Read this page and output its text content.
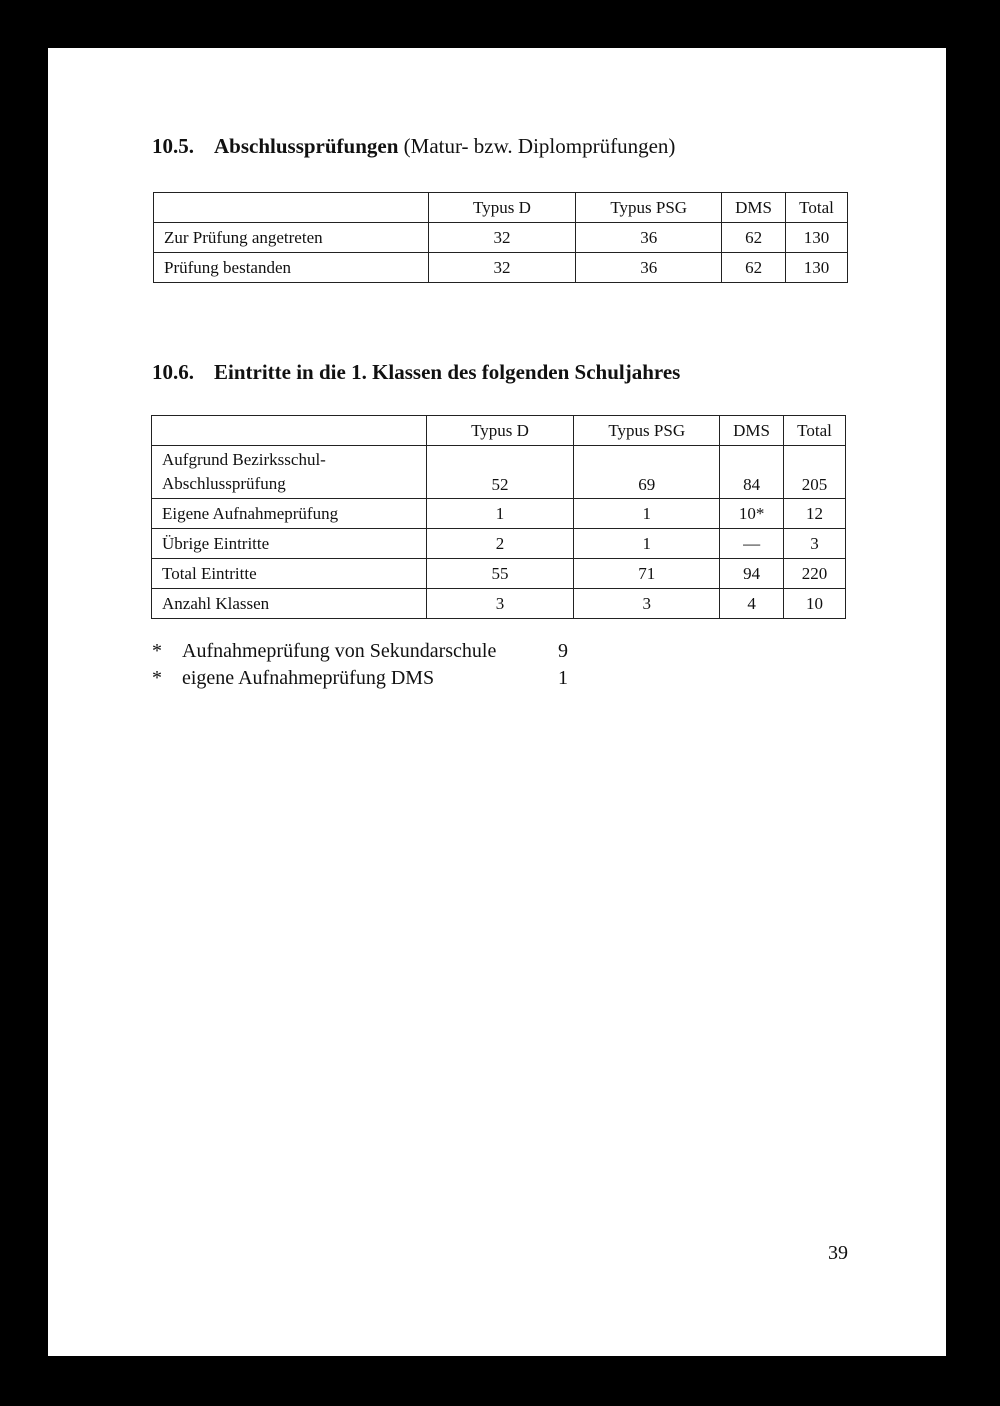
10.5. Abschlussprüfungen (Matur- bzw. Diplomprüfungen)
	Typus D	Typus PSG	DMS	Total
Zur Prüfung angetreten	32	36	62	130
Prüfung bestanden	32	36	62	130
10.6. Eintritte in die 1. Klassen des folgenden Schuljahres
	Typus D	Typus PSG	DMS	Total

Aufgrund Bezirksschul-
Abschlussprüfung	52	69	84	205
Eigene Aufnahmeprüfung	1	1	10*	12
Übrige Eintritte	2	1	—	3
Total Eintritte	55	71	94	220
Anzahl Klassen	3	3	4	10
* Aufnahmeprüfung von Sekundarschule	9
* eigene Aufnahmeprüfung DMS	1
39
